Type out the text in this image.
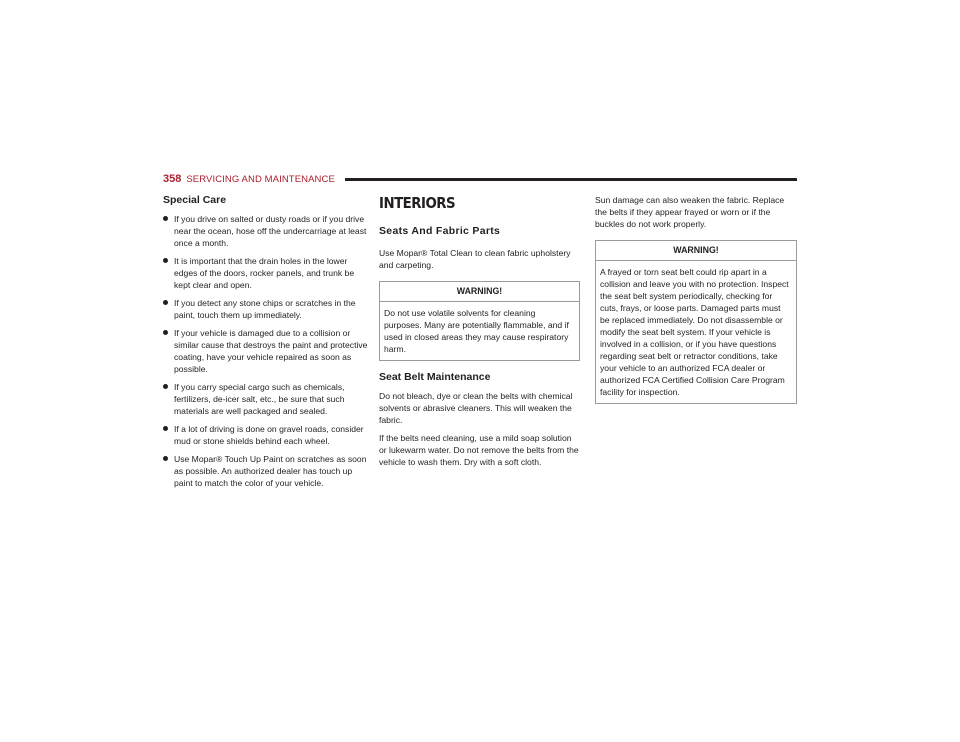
358 SERVICING AND MAINTENANCE
Special Care
If you drive on salted or dusty roads or if you drive near the ocean, hose off the undercarriage at least once a month.
It is important that the drain holes in the lower edges of the doors, rocker panels, and trunk be kept clear and open.
If you detect any stone chips or scratches in the paint, touch them up immediately.
If your vehicle is damaged due to a collision or similar cause that destroys the paint and protective coating, have your vehicle repaired as soon as possible.
If you carry special cargo such as chemicals, fertilizers, de-icer salt, etc., be sure that such materials are well packaged and sealed.
If a lot of driving is done on gravel roads, consider mud or stone shields behind each wheel.
Use Mopar® Touch Up Paint on scratches as soon as possible. An authorized dealer has touch up paint to match the color of your vehicle.
INTERIORS
Seats And Fabric Parts

Use Mopar® Total Clean to clean fabric upholstery and carpeting.

WARNING!
Do not use volatile solvents for cleaning purposes. Many are potentially flammable, and if used in closed areas they may cause respiratory harm.
Seat Belt Maintenance

Do not bleach, dye or clean the belts with chemical solvents or abrasive cleaners. This will weaken the fabric.

If the belts need cleaning, use a mild soap solution or lukewarm water. Do not remove the belts from the vehicle to wash them. Dry with a soft cloth.

Sun damage can also weaken the fabric. Replace the belts if they appear frayed or worn or if the buckles do not work properly.

WARNING!
A frayed or torn seat belt could rip apart in a collision and leave you with no protection. Inspect the seat belt system periodically, checking for cuts, frays, or loose parts. Damaged parts must be replaced immediately. Do not disassemble or modify the seat belt system. If your vehicle is involved in a collision, or if you have questions regarding seat belt or retractor conditions, take your vehicle to an authorized FCA dealer or authorized FCA Certified Collision Care Program facility for inspection.
